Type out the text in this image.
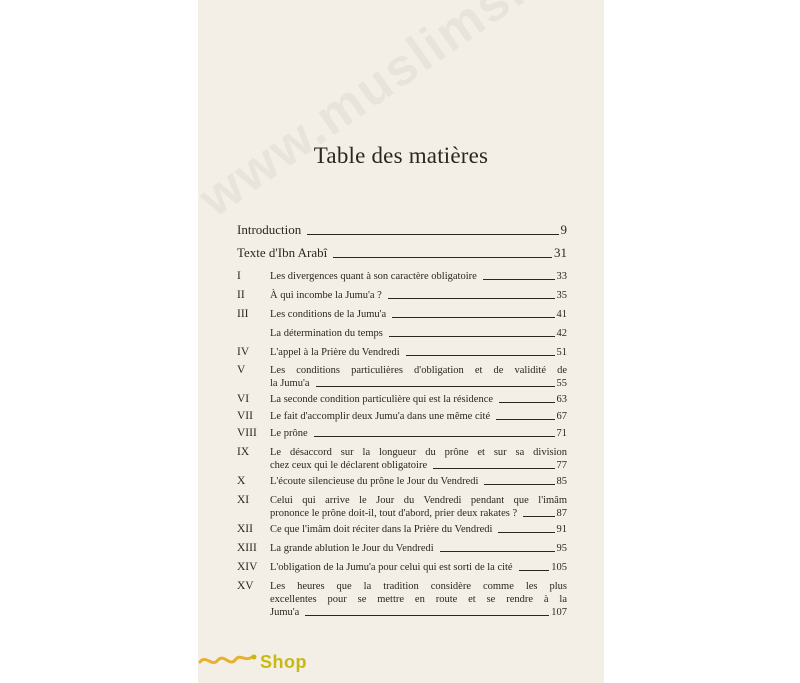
Table des matières
Introduction	9
Texte d'Ibn Arabî	31
I	Les divergences quant à son caractère obligatoire	33
II	À qui incombe la Jumu'a ?	35
III	Les conditions de la Jumu'a	41
La détermination du temps	42
IV	L'appel à la Prière du Vendredi	51
V	Les conditions particulières d'obligation et de validité de
la Jumu'a	55
VI	La seconde condition particulière qui est la résidence	63
VII	Le fait d'accomplir deux Jumu'a dans une même cité	67
VIII	Le prône	71
IX	Le désaccord sur la longueur du prône et sur sa division
chez ceux qui le déclarent obligatoire	77
X	L'écoute silencieuse du prône le Jour du Vendredi	85
XI	Celui qui arrive le Jour du Vendredi pendant que l'imâm
prononce le prône doit-il, tout d'abord, prier deux rakates ?	87
XII	Ce que l'imâm doit réciter dans la Prière du Vendredi	91
XIII	La grande ablution le Jour du Vendredi	95
XIV	L'obligation de la Jumu'a pour celui qui est sorti de la cité	105
XV	Les heures que la tradition considère comme les plus
excellentes pour se mettre en route et se rendre à la
Jumu'a	107
Shop
